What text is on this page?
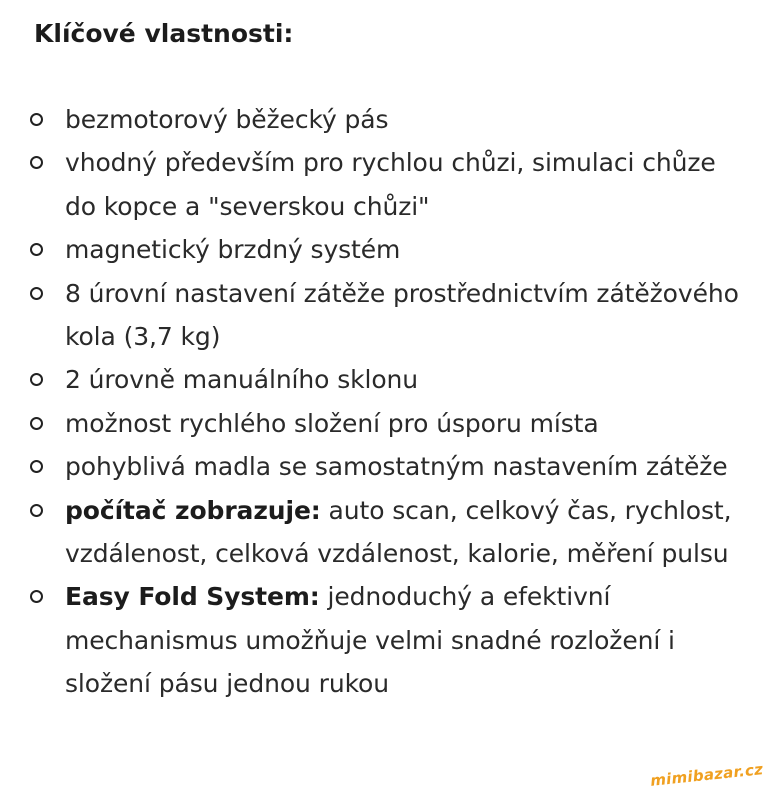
Klíčové vlastnosti:
bezmotorový běžecký pás
vhodný především pro rychlou chůzi, simulaci chůze do kopce a "severskou chůzi"
magnetický brzdný systém
8 úrovní nastavení zátěže prostřednictvím zátěžového kola (3,7 kg)
2 úrovně manuálního sklonu
možnost rychlého složení pro úsporu místa
pohyblivá madla se samostatným nastavením zátěže
počítač zobrazuje: auto scan, celkový čas, rychlost, vzdálenost, celková vzdálenost, kalorie, měření pulsu
Easy Fold System: jednoduchý a efektivní mechanismus umožňuje velmi snadné rozložení i složení pásu jednou rukou
mimibazar.cz
